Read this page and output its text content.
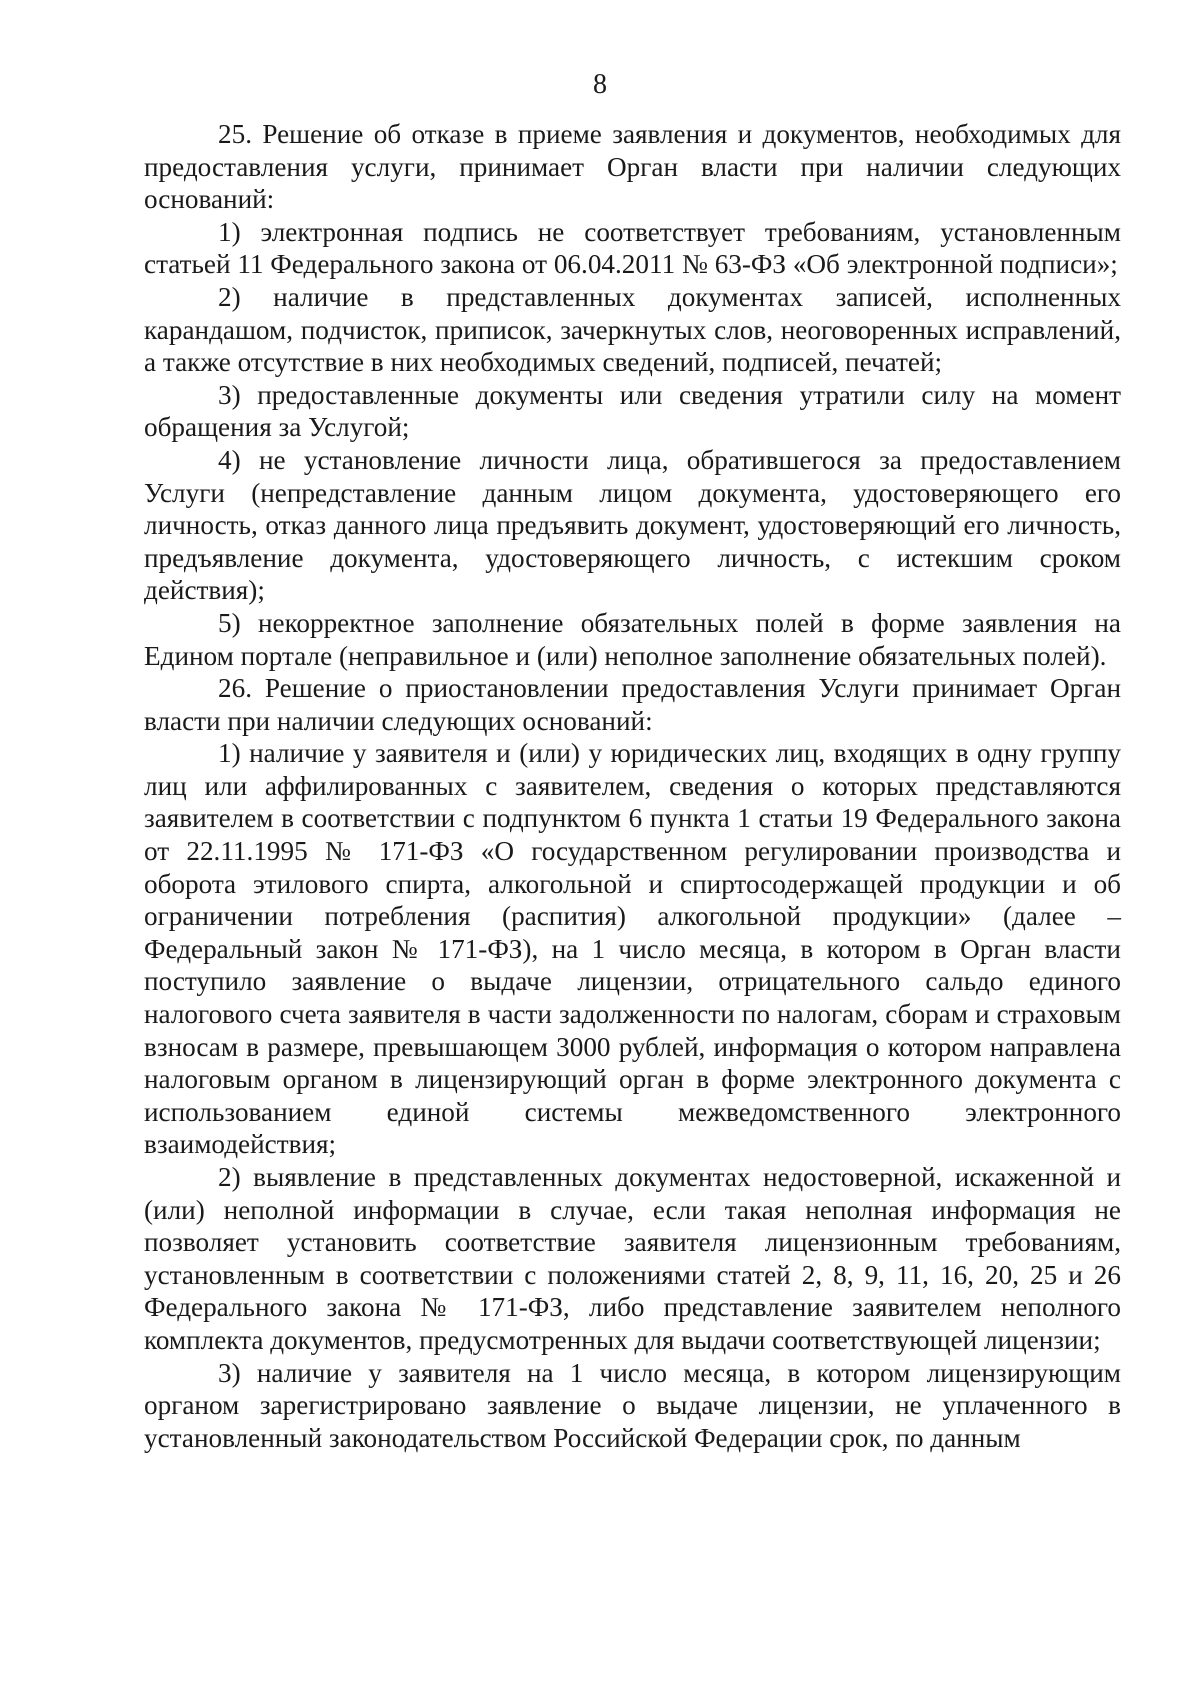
8

25. Решение об отказе в приеме заявления и документов, необходимых для предоставления услуги, принимает Орган власти при наличии следующих оснований:

1) электронная подпись не соответствует требованиям, установленным статьей 11 Федерального закона от 06.04.2011 № 63-ФЗ «Об электронной подписи»;

2) наличие в представленных документах записей, исполненных карандашом, подчисток, приписок, зачеркнутых слов, неоговоренных исправлений, а также отсутствие в них необходимых сведений, подписей, печатей;

3) предоставленные документы или сведения утратили силу на момент обращения за Услугой;

4) не установление личности лица, обратившегося за предоставлением Услуги (непредставление данным лицом документа, удостоверяющего его личность, отказ данного лица предъявить документ, удостоверяющий его личность, предъявление документа, удостоверяющего личность, с истекшим сроком действия);

5) некорректное заполнение обязательных полей в форме заявления на Едином портале (неправильное и (или) неполное заполнение обязательных полей).

26. Решение о приостановлении предоставления Услуги принимает Орган власти при наличии следующих оснований:

1) наличие у заявителя и (или) у юридических лиц, входящих в одну группу лиц или аффилированных с заявителем, сведения о которых представляются заявителем в соответствии с подпунктом 6 пункта 1 статьи 19 Федерального закона от 22.11.1995 № 171-ФЗ «О государственном регулировании производства и оборота этилового спирта, алкогольной и спиртосодержащей продукции и об ограничении потребления (распития) алкогольной продукции» (далее – Федеральный закон № 171-ФЗ), на 1 число месяца, в котором в Орган власти поступило заявление о выдаче лицензии, отрицательного сальдо единого налогового счета заявителя в части задолженности по налогам, сборам и страховым взносам в размере, превышающем 3000 рублей, информация о котором направлена налоговым органом в лицензирующий орган в форме электронного документа с использованием единой системы межведомственного электронного взаимодействия;

2) выявление в представленных документах недостоверной, искаженной и (или) неполной информации в случае, если такая неполная информация не позволяет установить соответствие заявителя лицензионным требованиям, установленным в соответствии с положениями статей 2, 8, 9, 11, 16, 20, 25 и 26 Федерального закона № 171-ФЗ, либо представление заявителем неполного комплекта документов, предусмотренных для выдачи соответствующей лицензии;

3) наличие у заявителя на 1 число месяца, в котором лицензирующим органом зарегистрировано заявление о выдаче лицензии, не уплаченного в установленный законодательством Российской Федерации срок, по данным
